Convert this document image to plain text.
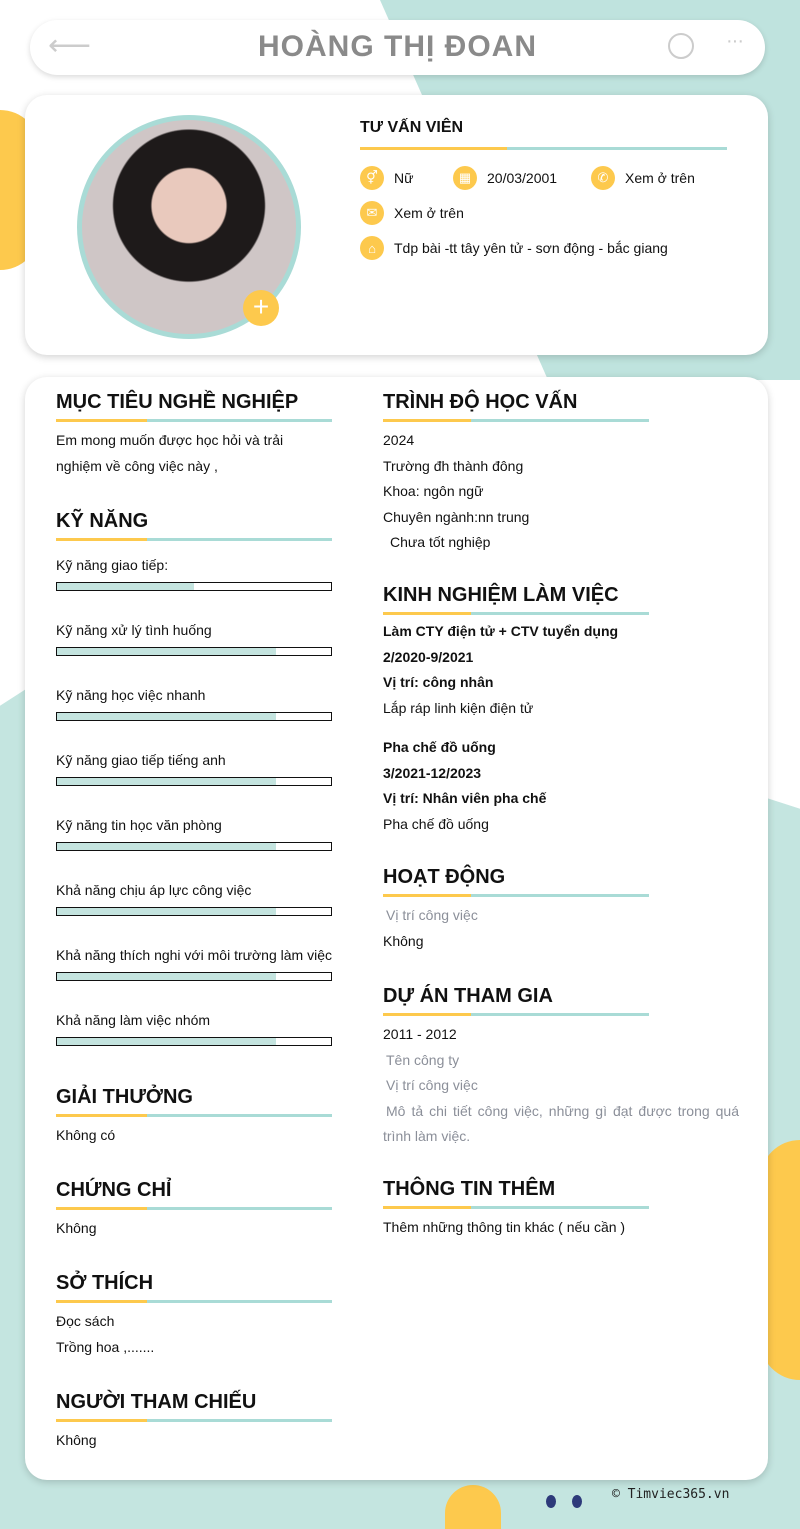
⟵	HOÀNG THỊ ĐOAN	···
+
TƯ VẤN VIÊN
⚥	Nữ	▦	20/03/2001	✆	Xem ở trên
✉	Xem ở trên
⌂	Tdp bài -tt tây yên tử - sơn động - bắc giang
MỤC TIÊU NGHỀ NGHIỆP
Em mong muốn được học hỏi và trải nghiệm về công việc này ,
KỸ NĂNG
Kỹ năng giao tiếp:
Kỹ năng xử lý tình huống
Kỹ năng học việc nhanh
Kỹ năng giao tiếp tiếng anh
Kỹ năng tin học văn phòng
Khả năng chịu áp lực công việc
Khả năng thích nghi với môi trường làm việc
Khả năng làm việc nhóm
GIẢI THƯỞNG
Không có
CHỨNG CHỈ
Không
SỞ THÍCH
Đọc sách
Trồng hoa ,.......
NGƯỜI THAM CHIẾU
Không
TRÌNH ĐỘ HỌC VẤN
2024
Trường đh thành đông
Khoa: ngôn ngữ
Chuyên ngành:nn trung
Chưa tốt nghiệp
KINH NGHIỆM LÀM VIỆC
Làm CTY điện tử + CTV tuyển dụng
2/2020-9/2021
Vị trí: công nhân
Lắp ráp linh kiện điện tử
Pha chế đồ uống
3/2021-12/2023
Vị trí: Nhân viên pha chế
Pha chế đồ uống
HOẠT ĐỘNG
Vị trí công việc
Không
DỰ ÁN THAM GIA
2011 - 2012
Tên công ty
Vị trí công việc
Mô tả chi tiết công việc, những gì đạt được trong quá trình làm việc.
THÔNG TIN THÊM
Thêm những thông tin khác ( nếu cần )
© Timviec365.vn
